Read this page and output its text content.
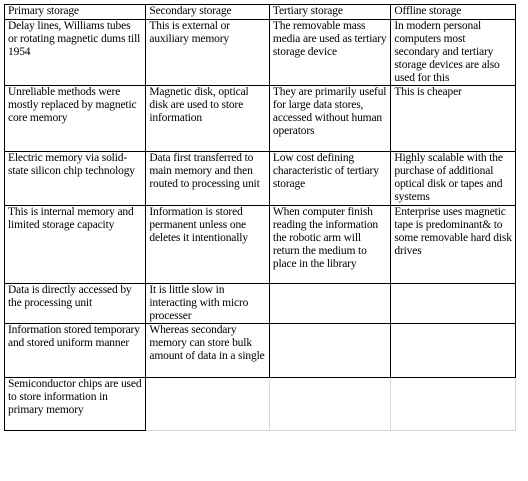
Primary storage	Secondary storage	Tertiary storage	Offline storage
Delay lines, Williams tubes or rotating magnetic dums till 1954	This is external or auxiliary memory	The removable mass media are used as tertiary storage device	In modern personal computers most secondary and tertiary storage devices are also used for this
Unreliable methods were mostly replaced by magnetic core memory	Magnetic disk, optical disk are used to store information	They are primarily useful for large data stores, accessed without human operators	This is cheaper
Electric memory via solid-state silicon chip technology	Data first transferred to main memory and then routed to processing unit	Low cost defining characteristic of tertiary storage	Highly scalable with the purchase of additional optical disk or tapes and systems
This is internal memory and limited storage capacity	Information is stored permanent unless one deletes it intentionally	When computer finish reading the information the robotic arm will return the medium to place in the library	Enterprise uses magnetic tape is predominant& to some removable hard disk drives
Data is directly accessed by the processing unit	It is little slow in interacting with micro processer		
Information stored temporary and stored uniform manner	Whereas secondary memory can store bulk amount of data in a single		
Semiconductor chips are used to store information in primary memory			
